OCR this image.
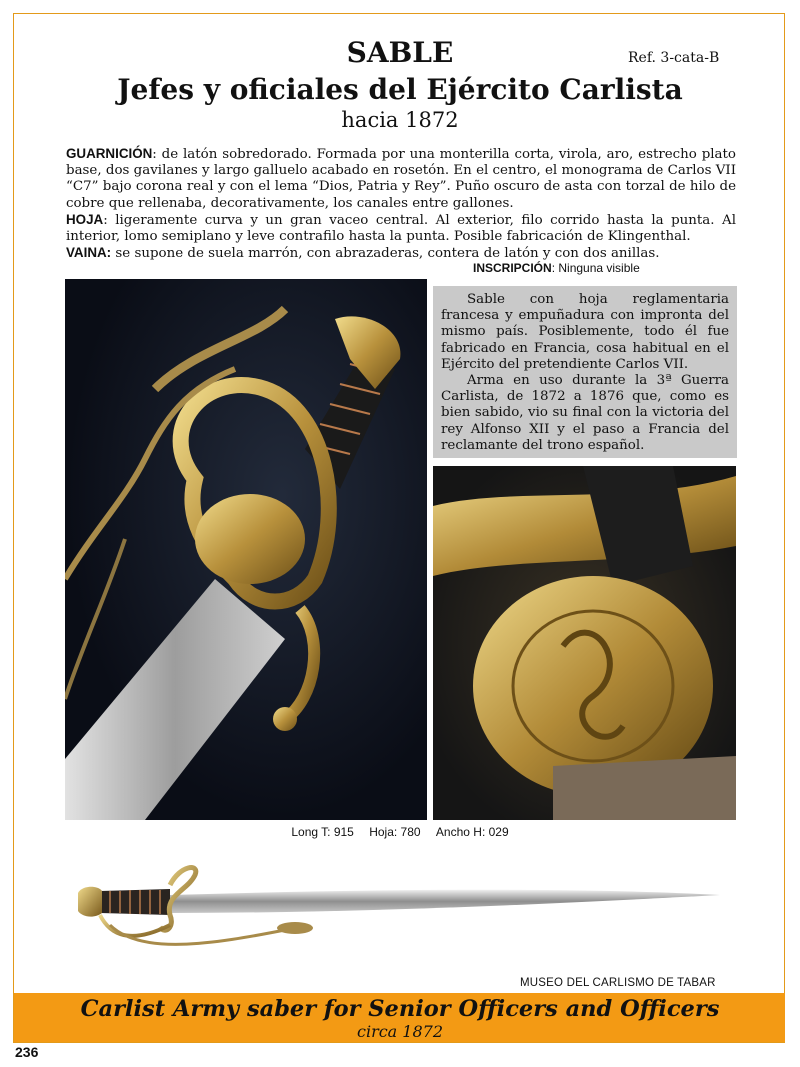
SABLE	Ref. 3-cata-B
Jefes y oficiales del Ejército Carlista
hacia 1872

GUARNICIÓN: de latón sobredorado. Formada por una monterilla corta, virola, aro, estrecho plato base, dos gavilanes y largo galluelo acabado en rosetón. En el centro, el monograma de Carlos VII “C7” bajo corona real y con el lema “Dios, Patria y Rey”. Puño oscuro de asta con torzal de hilo de cobre que rellenaba, decorativamente, los canales entre gallones.

HOJA: ligeramente curva y un gran vaceo central. Al exterior, filo corrido hasta la punta. Al interior, lomo semiplano y leve contrafilo hasta la punta. Posible fabricación de Klingenthal.

VAINA: se supone de suela marrón, con abrazaderas, contera de latón y con dos anillas.

INSCRIPCIÓN: Ninguna visible

Sable con hoja reglamentaria francesa y empuñadura con impronta del mismo país. Posiblemente, todo él fue fabricado en Francia, cosa habitual en el Ejército del pretendiente Carlos VII.

Arma en uso durante la 3ª Guerra Carlista, de 1872 a 1876 que, como es bien sabido, vio su final con la victoria del rey Alfonso XII y el paso a Francia del reclamante del trono español.

Long T: 915 Hoja: 780 Ancho H: 029
MUSEO DEL CARLISMO DE TABAR
Carlist Army saber for Senior Officers and Officers
circa 1872
236
